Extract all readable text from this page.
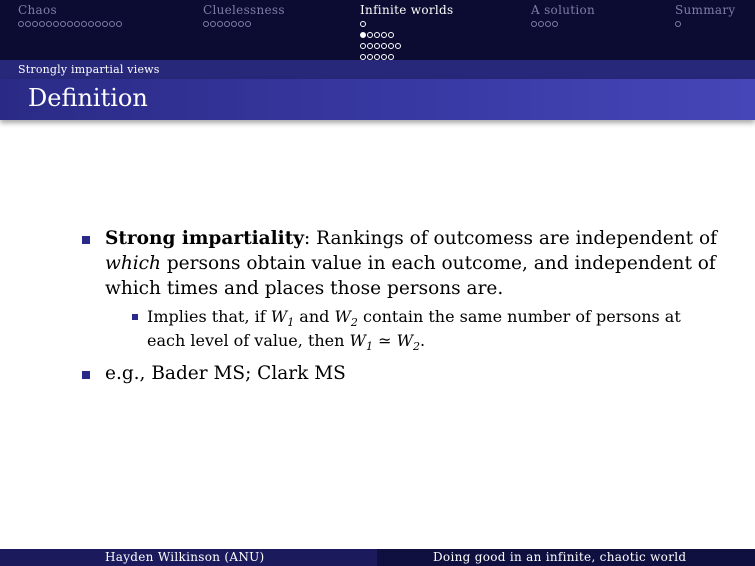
Chaos	Cluelessness	Infinite worlds	A solution	Summary
Strongly impartial views
Definition
Strong impartiality: Rankings of outcomess are independent of which persons obtain value in each outcome, and independent of which times and places those persons are.
Implies that, if $W_1$ and $W_2$ contain the same number of persons at each level of value, then $W_1$ ≃ $W_2$.
e.g., Bader MS; Clark MS
Hayden Wilkinson (ANU)	Doing good in an infinite, chaotic world
